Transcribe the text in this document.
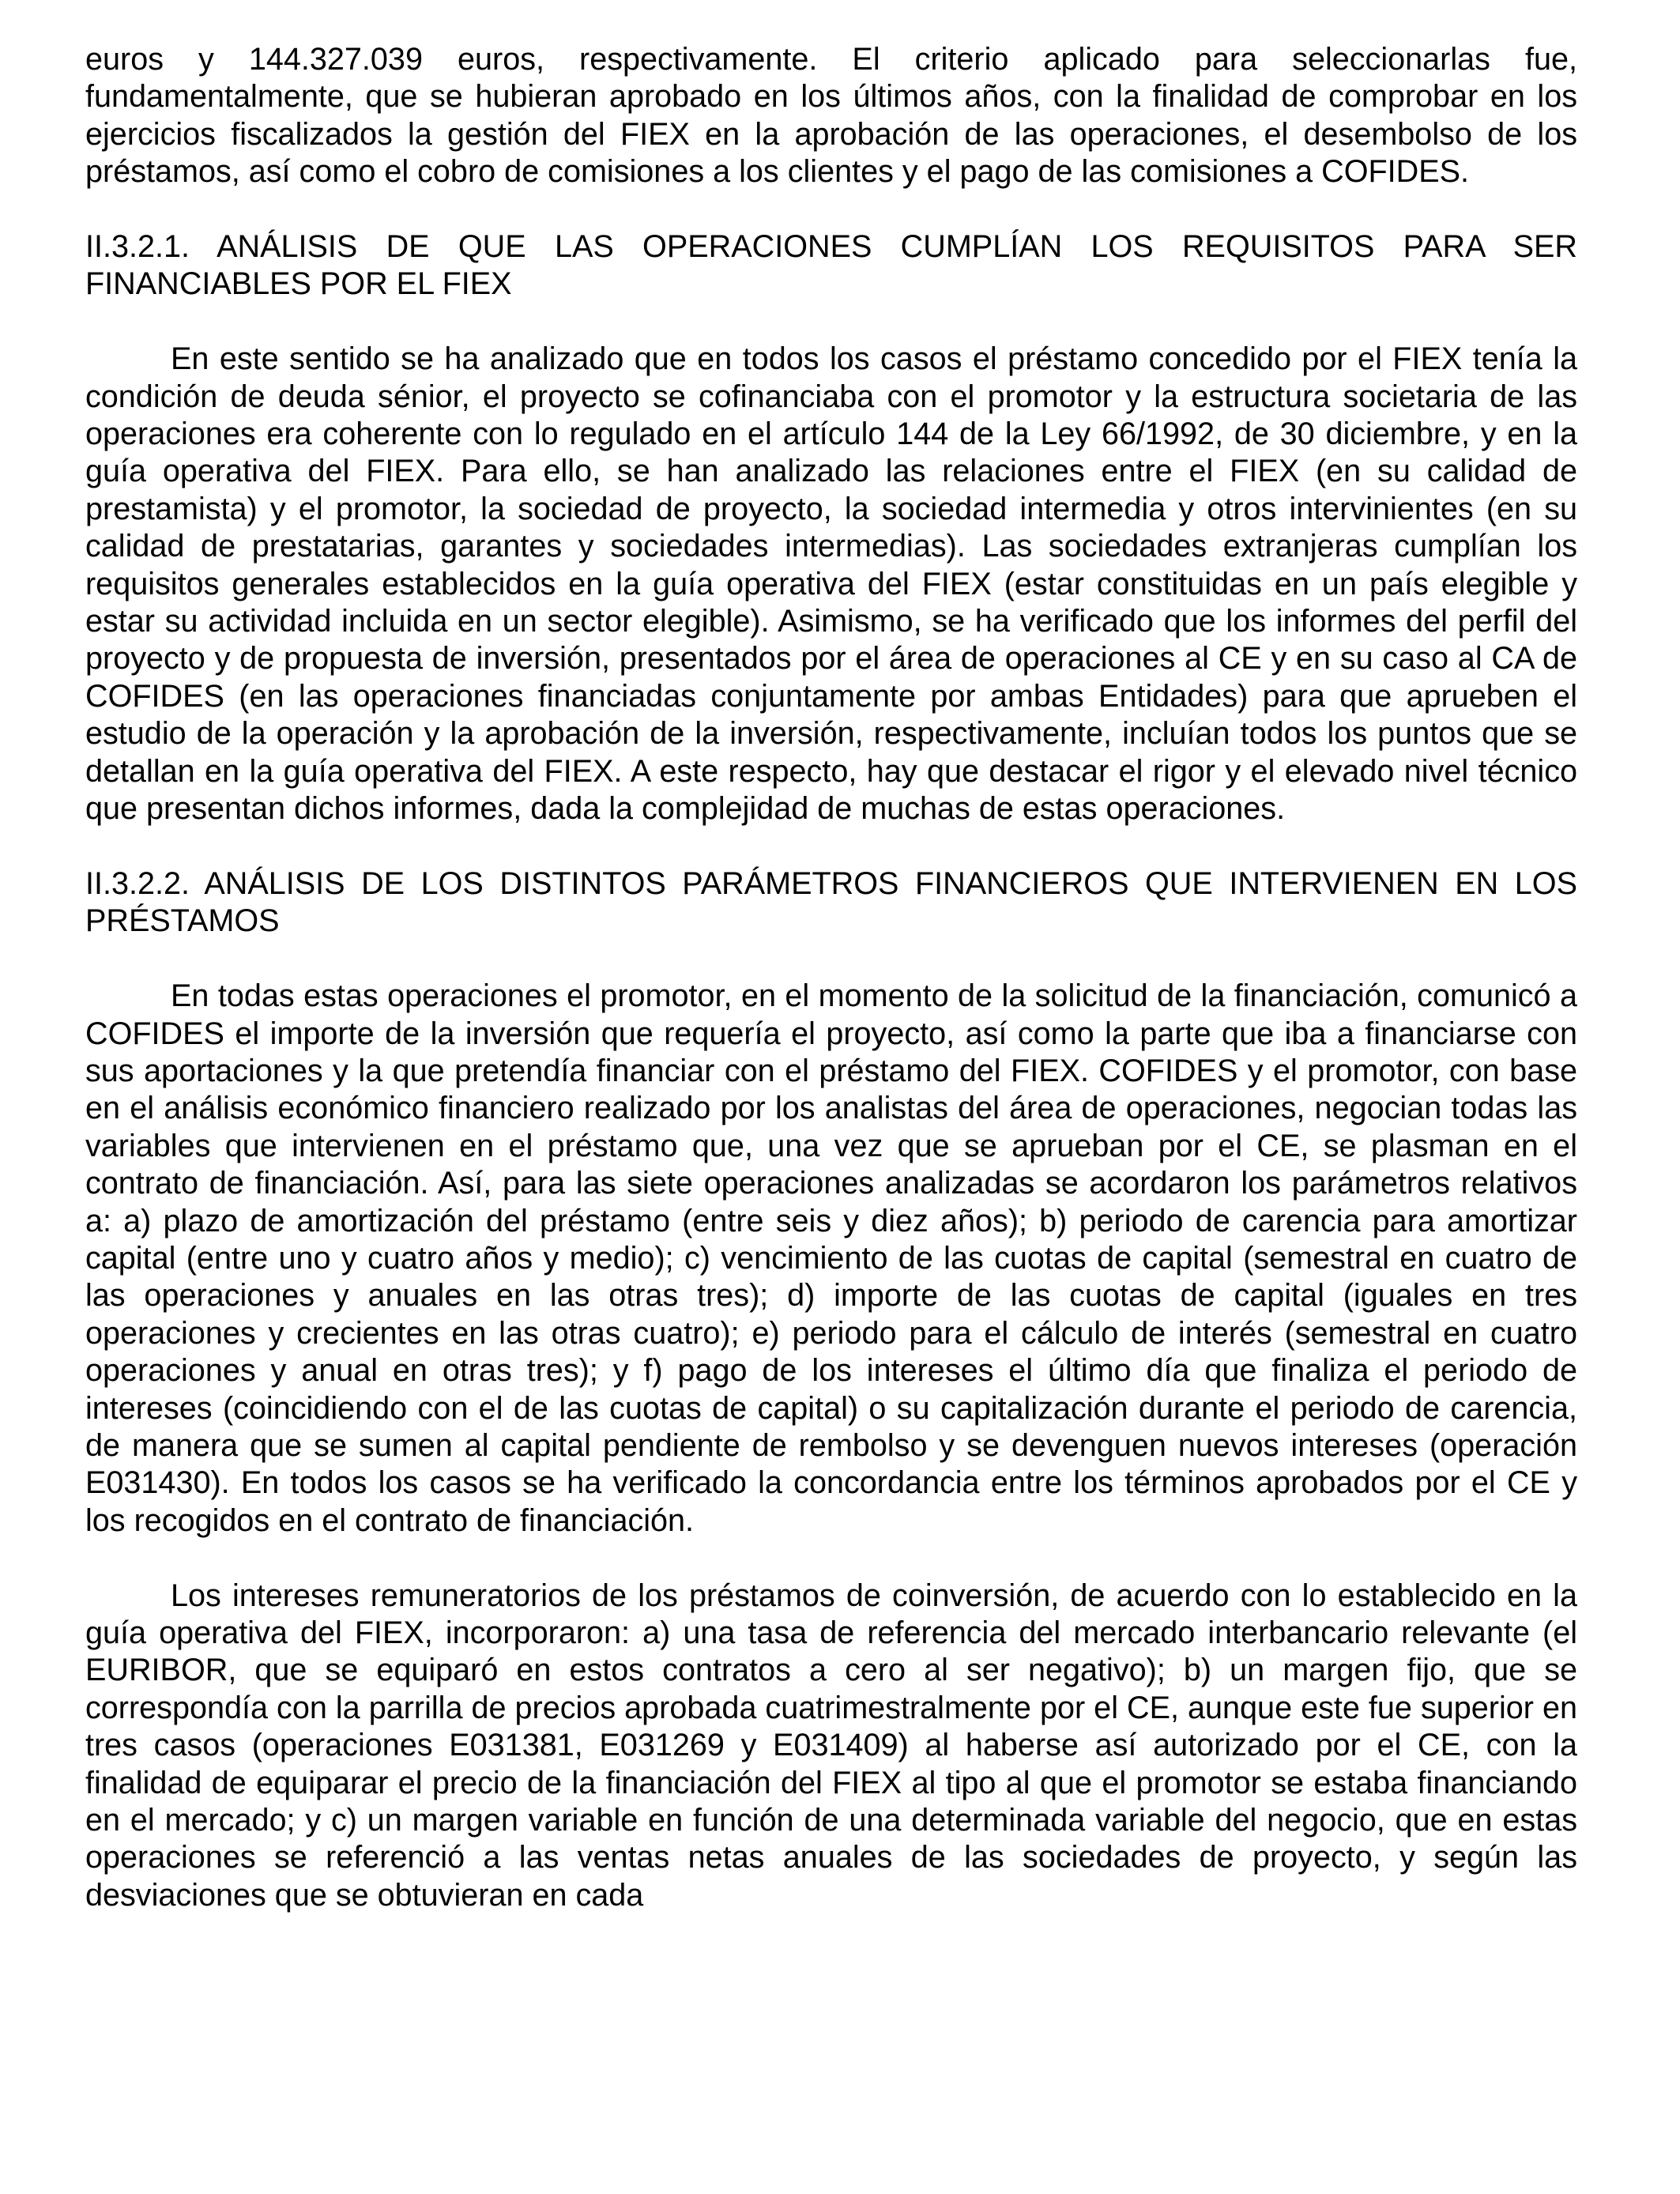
euros y 144.327.039 euros, respectivamente. El criterio aplicado para seleccionarlas fue, fundamentalmente, que se hubieran aprobado en los últimos años, con la finalidad de comprobar en los ejercicios fiscalizados la gestión del FIEX en la aprobación de las operaciones, el desembolso de los préstamos, así como el cobro de comisiones a los clientes y el pago de las comisiones a COFIDES.

II.3.2.1. ANÁLISIS DE QUE LAS OPERACIONES CUMPLÍAN LOS REQUISITOS PARA SER FINANCIABLES POR EL FIEX

En este sentido se ha analizado que en todos los casos el préstamo concedido por el FIEX tenía la condición de deuda sénior, el proyecto se cofinanciaba con el promotor y la estructura societaria de las operaciones era coherente con lo regulado en el artículo 144 de la Ley 66/1992, de 30 diciembre, y en la guía operativa del FIEX. Para ello, se han analizado las relaciones entre el FIEX (en su calidad de prestamista) y el promotor, la sociedad de proyecto, la sociedad intermedia y otros intervinientes (en su calidad de prestatarias, garantes y sociedades intermedias). Las sociedades extranjeras cumplían los requisitos generales establecidos en la guía operativa del FIEX (estar constituidas en un país elegible y estar su actividad incluida en un sector elegible). Asimismo, se ha verificado que los informes del perfil del proyecto y de propuesta de inversión, presentados por el área de operaciones al CE y en su caso al CA de COFIDES (en las operaciones financiadas conjuntamente por ambas Entidades) para que aprueben el estudio de la operación y la aprobación de la inversión, respectivamente, incluían todos los puntos que se detallan en la guía operativa del FIEX. A este respecto, hay que destacar el rigor y el elevado nivel técnico que presentan dichos informes, dada la complejidad de muchas de estas operaciones.

II.3.2.2. ANÁLISIS DE LOS DISTINTOS PARÁMETROS FINANCIEROS QUE INTERVIENEN EN LOS PRÉSTAMOS

En todas estas operaciones el promotor, en el momento de la solicitud de la financiación, comunicó a COFIDES el importe de la inversión que requería el proyecto, así como la parte que iba a financiarse con sus aportaciones y la que pretendía financiar con el préstamo del FIEX. COFIDES y el promotor, con base en el análisis económico financiero realizado por los analistas del área de operaciones, negocian todas las variables que intervienen en el préstamo que, una vez que se aprueban por el CE, se plasman en el contrato de financiación. Así, para las siete operaciones analizadas se acordaron los parámetros relativos a: a) plazo de amortización del préstamo (entre seis y diez años); b) periodo de carencia para amortizar capital (entre uno y cuatro años y medio); c) vencimiento de las cuotas de capital (semestral en cuatro de las operaciones y anuales en las otras tres); d) importe de las cuotas de capital (iguales en tres operaciones y crecientes en las otras cuatro); e) periodo para el cálculo de interés (semestral en cuatro operaciones y anual en otras tres); y f) pago de los intereses el último día que finaliza el periodo de intereses (coincidiendo con el de las cuotas de capital) o su capitalización durante el periodo de carencia, de manera que se sumen al capital pendiente de rembolso y se devenguen nuevos intereses (operación E031430). En todos los casos se ha verificado la concordancia entre los términos aprobados por el CE y los recogidos en el contrato de financiación.

Los intereses remuneratorios de los préstamos de coinversión, de acuerdo con lo establecido en la guía operativa del FIEX, incorporaron: a) una tasa de referencia del mercado interbancario relevante (el EURIBOR, que se equiparó en estos contratos a cero al ser negativo); b) un margen fijo, que se correspondía con la parrilla de precios aprobada cuatrimestralmente por el CE, aunque este fue superior en tres casos (operaciones E031381, E031269 y E031409) al haberse así autorizado por el CE, con la finalidad de equiparar el precio de la financiación del FIEX al tipo al que el promotor se estaba financiando en el mercado; y c) un margen variable en función de una determinada variable del negocio, que en estas operaciones se referenció a las ventas netas anuales de las sociedades de proyecto, y según las desviaciones que se obtuvieran en cada
